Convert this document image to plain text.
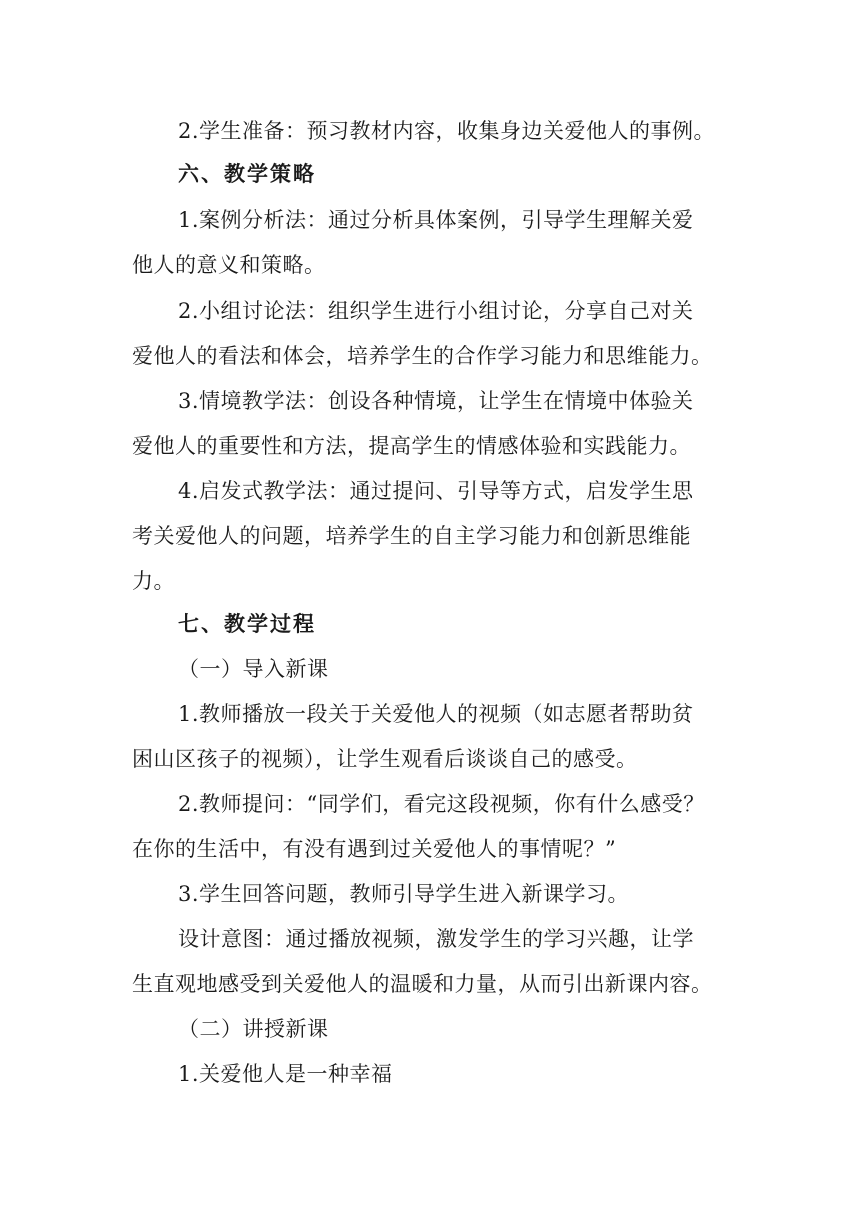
2.学生准备：预习教材内容，收集身边关爱他人的事例。
六、教学策略
1.案例分析法：通过分析具体案例，引导学生理解关爱
他人的意义和策略。
2.小组讨论法：组织学生进行小组讨论，分享自己对关
爱他人的看法和体会，培养学生的合作学习能力和思维能力。
3.情境教学法：创设各种情境，让学生在情境中体验关
爱他人的重要性和方法，提高学生的情感体验和实践能力。
4.启发式教学法：通过提问、引导等方式，启发学生思
考关爱他人的问题，培养学生的自主学习能力和创新思维能
力。
七、教学过程
（一）导入新课
1.教师播放一段关于关爱他人的视频（如志愿者帮助贫
困山区孩子的视频），让学生观看后谈谈自己的感受。
2.教师提问：“同学们，看完这段视频，你有什么感受？
在你的生活中，有没有遇到过关爱他人的事情呢？”
3.学生回答问题，教师引导学生进入新课学习。
设计意图：通过播放视频，激发学生的学习兴趣，让学
生直观地感受到关爱他人的温暖和力量，从而引出新课内容。
（二）讲授新课
1.关爱他人是一种幸福
